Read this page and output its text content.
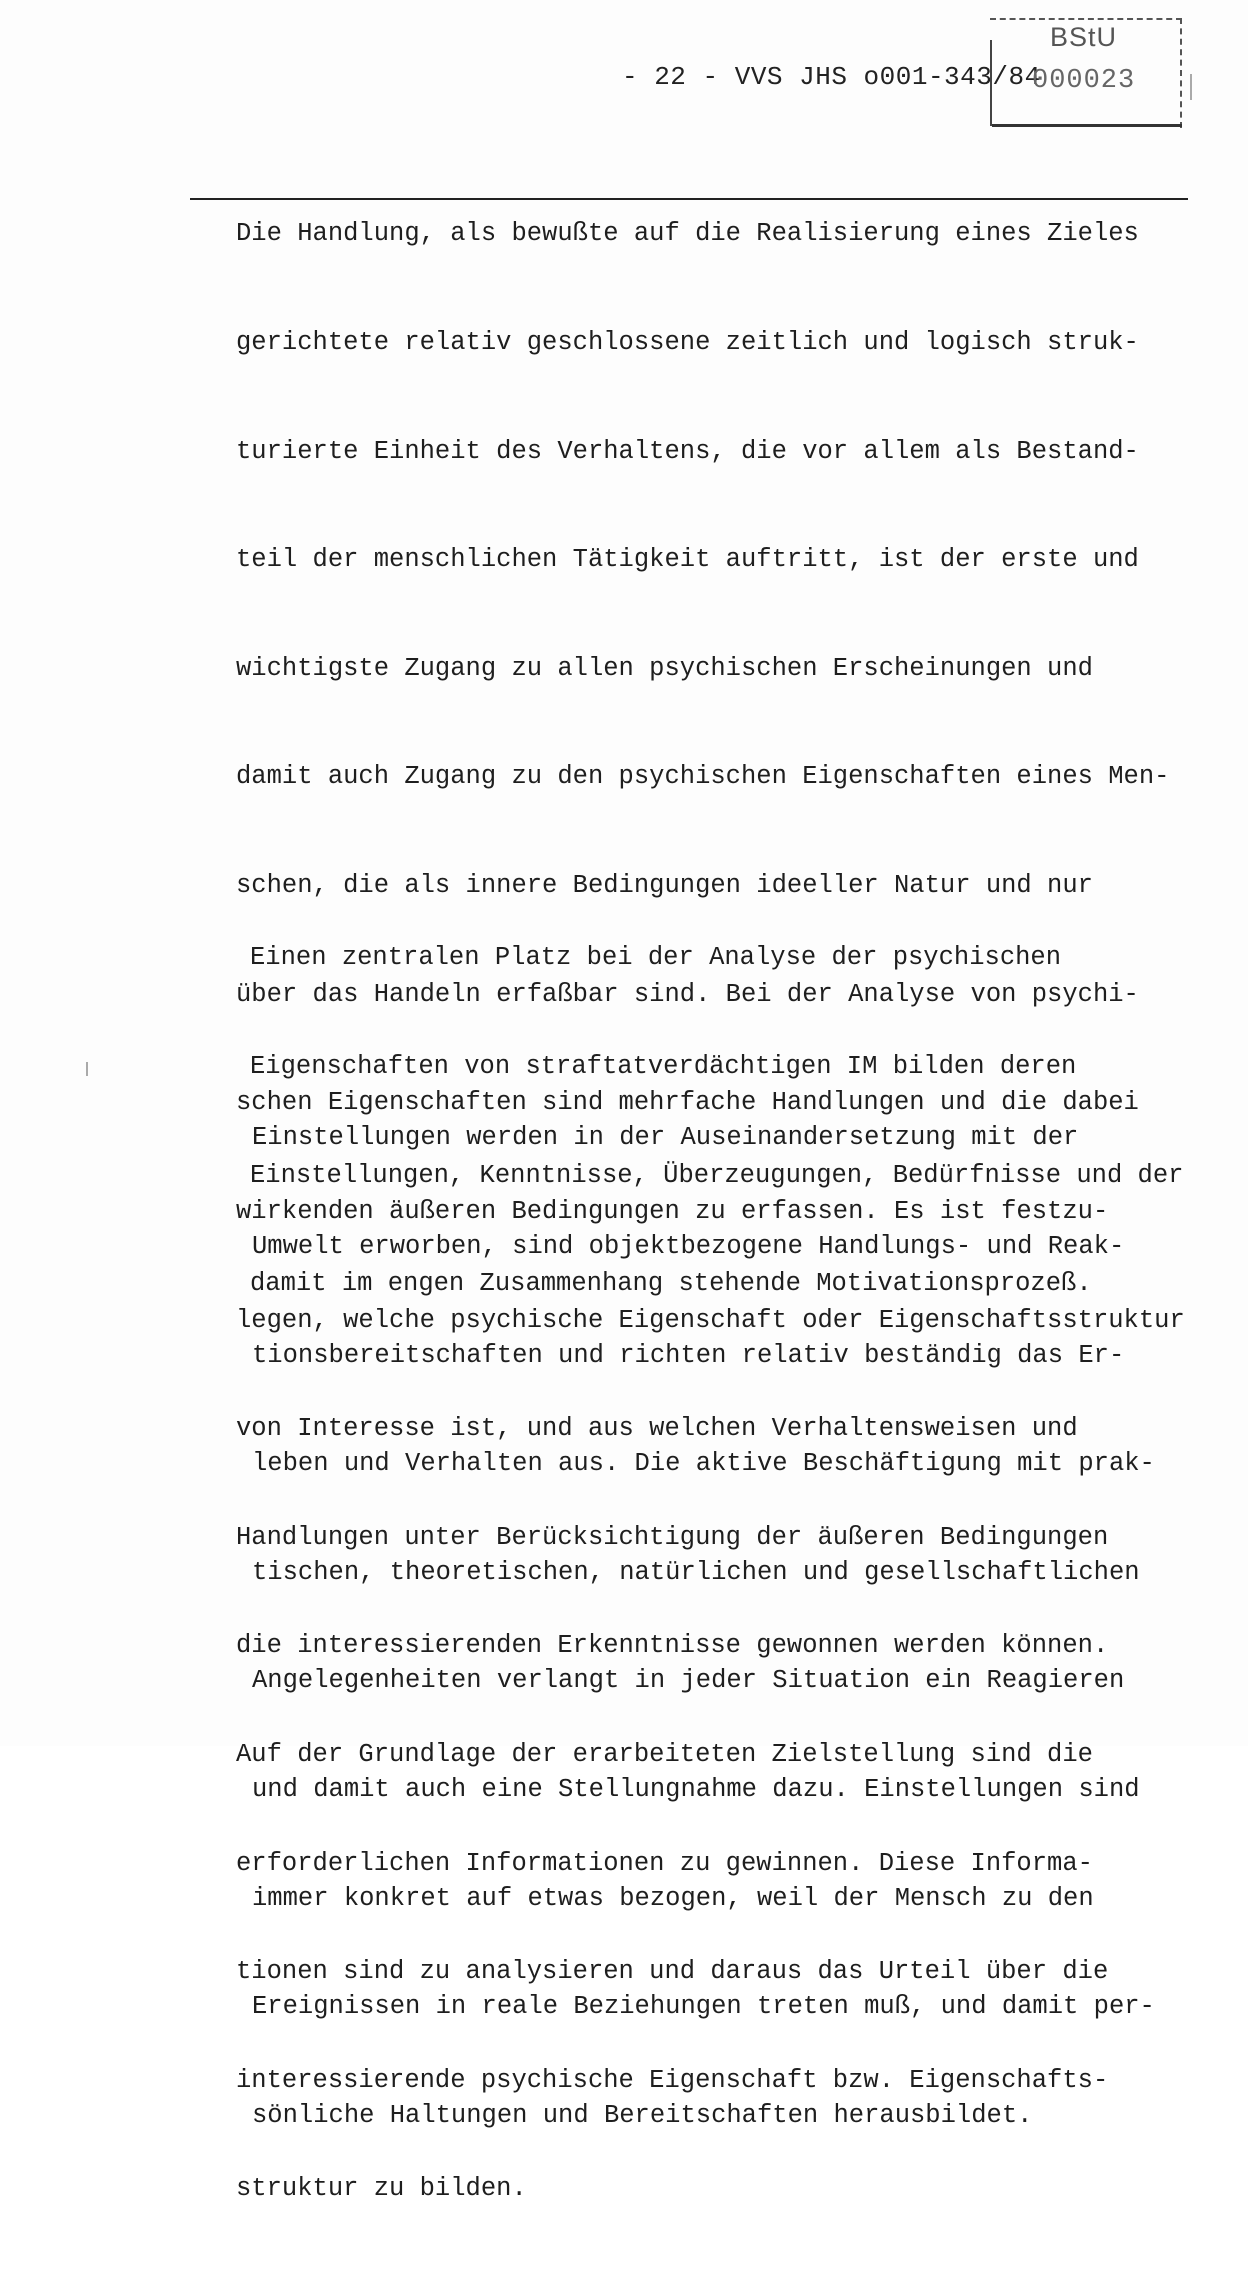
- 22 - VVS JHS o001-343/84
BStU
000023

Die Handlung, als bewußte auf die Realisierung eines Zieles

gerichtete relativ geschlossene zeitlich und logisch struk-

turierte Einheit des Verhaltens, die vor allem als Bestand-

teil der menschlichen Tätigkeit auftritt, ist der erste und

wichtigste Zugang zu allen psychischen Erscheinungen und

damit auch Zugang zu den psychischen Eigenschaften eines Men-

schen, die als innere Bedingungen ideeller Natur und nur

über das Handeln erfaßbar sind. Bei der Analyse von psychi-

schen Eigenschaften sind mehrfache Handlungen und die dabei

wirkenden äußeren Bedingungen zu erfassen. Es ist festzu-

legen, welche psychische Eigenschaft oder Eigenschaftsstruktur

von Interesse ist, und aus welchen Verhaltensweisen und

Handlungen unter Berücksichtigung der äußeren Bedingungen

die interessierenden Erkenntnisse gewonnen werden können.

Auf der Grundlage der erarbeiteten Zielstellung sind die

erforderlichen Informationen zu gewinnen. Diese Informa-

tionen sind zu analysieren und daraus das Urteil über die

interessierende psychische Eigenschaft bzw. Eigenschafts-

struktur zu bilden.

Einen zentralen Platz bei der Analyse der psychischen

Eigenschaften von straftatverdächtigen IM bilden deren

Einstellungen, Kenntnisse, Überzeugungen, Bedürfnisse und der

damit im engen Zusammenhang stehende Motivationsprozeß.

Einstellungen werden in der Auseinandersetzung mit der

Umwelt erworben, sind objektbezogene Handlungs- und Reak-

tionsbereitschaften und richten relativ beständig das Er-

leben und Verhalten aus. Die aktive Beschäftigung mit prak-

tischen, theoretischen, natürlichen und gesellschaftlichen

Angelegenheiten verlangt in jeder Situation ein Reagieren

und damit auch eine Stellungnahme dazu. Einstellungen sind

immer konkret auf etwas bezogen, weil der Mensch zu den

Ereignissen in reale Beziehungen treten muß, und damit per-

sönliche Haltungen und Bereitschaften herausbildet.
